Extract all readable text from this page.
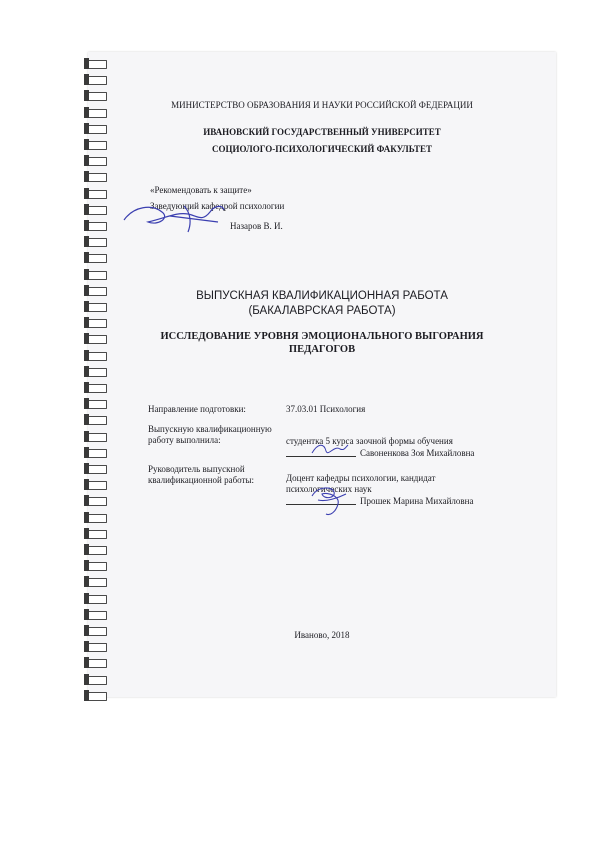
МИНИСТЕРСТВО ОБРАЗОВАНИЯ И НАУКИ РОССИЙСКОЙ ФЕДЕРАЦИИ
ИВАНОВСКИЙ ГОСУДАРСТВЕННЫЙ УНИВЕРСИТЕТ
СОЦИОЛОГО-ПСИХОЛОГИЧЕСКИЙ ФАКУЛЬТЕТ
«Рекомендовать к защите»
Заведующий кафедрой психологии
Назаров В. И.
ВЫПУСКНАЯ КВАЛИФИКАЦИОННАЯ РАБОТА
(БАКАЛАВРСКАЯ РАБОТА)
ИССЛЕДОВАНИЕ УРОВНЯ ЭМОЦИОНАЛЬНОГО ВЫГОРАНИЯ
ПЕДАГОГОВ
Направление подготовки:	37.03.01 Психология
Выпускную квалификационную
работу выполнила:	студентка 5 курса заочной формы обучения
Савоненкова Зоя Михайловна
Руководитель выпускной
квалификационной работы:	Доцент кафедры психологии, кандидат
психологических наук
Прошек Марина Михайловна
Иваново, 2018
